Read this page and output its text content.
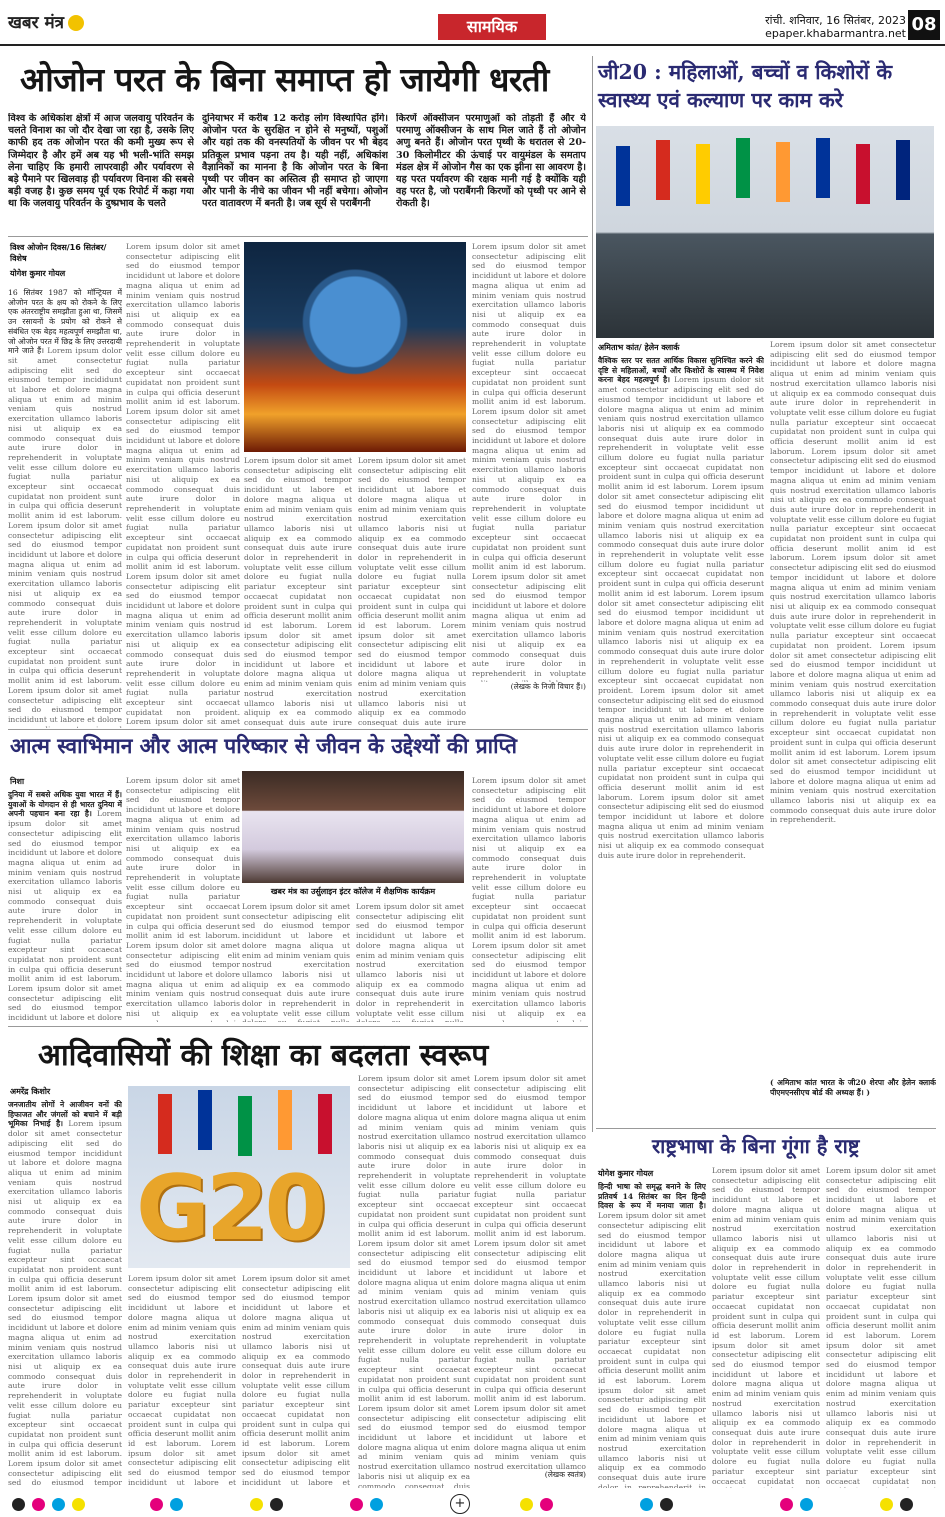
खबर मंत्र	सामयिक	रांची. शनिवार, 16 सितंबर, 2023
epaper.khabarmantra.net 08
ओजोन परत के बिना समाप्त हो जायेगी धरती
विश्व के अधिकांश क्षेत्रों में आज जलवायु परिवर्तन के चलते विनाश का जो दौर देखा जा रहा है, उसके लिए काफी हद तक ओजोन परत की कमी मुख्य रूप से जिम्मेदार है और हमें अब यह भी भली-भांति समझ लेना चाहिए कि हमारी लापरवाही और पर्यावरण से बड़े पैमाने पर खिलवाड़ ही पर्यावरण विनाश की सबसे बड़ी वजह है। कुछ समय पूर्व एक रिपोर्ट में कहा गया था कि जलवायु परिवर्तन के दुष्प्रभाव के चलते
दुनियाभर में करीब 12 करोड़ लोग विस्थापित होंगे। ओजोन परत के सुरक्षित न होने से मनुष्यों, पशुओं और यहां तक की वनस्पतियों के जीवन पर भी बेहद प्रतिकूल प्रभाव पड़ना तय है। यही नहीं, अधिकांश वैज्ञानिकों का मानना है कि ओजोन परत के बिना पृथ्वी पर जीवन का अस्तित्व ही समाप्त हो जाएगा और पानी के नीचे का जीवन भी नहीं बचेगा। ओजोन परत वातावरण में बनती है। जब सूर्य से पराबैंगनी
किरणें ऑक्सीजन परमाणुओं को तोड़ती हैं और ये परमाणु ऑक्सीजन के साथ मिल जाते हैं तो ओजोन अणु बनते हैं। ओजोन परत पृथ्वी के धरातल से 20-30 किलोमीटर की ऊंचाई पर वायुमंडल के समताप मंडल क्षेत्र में ओजोन गैस का एक झीना सा आवरण है। यह परत पर्यावरण की रक्षक मानी गई है क्योंकि यही वह परत है, जो पराबैंगनी किरणों को पृथ्वी पर आने से रोकती है।
विश्व ओजोन दिवस/16 सितंबर/ विशेष
योगेश कुमार गोयल
16 सितंबर 1987 को मॉन्ट्रियल में ओजोन परत के क्षय को रोकने के लिए एक अंतरराष्ट्रीय समझौता हुआ था, जिसमें उन रसायनों के प्रयोग को रोकने से संबंधित एक बेहद महत्वपूर्ण समझौता था, जो ओजोन परत में छिद्र के लिए उत्तरदायी माने जाते हैं। Lorem ipsum dolor sit amet consectetur adipiscing elit sed do eiusmod tempor incididunt ut labore et dolore magna aliqua ut enim ad minim veniam quis nostrud exercitation ullamco laboris nisi ut aliquip ex ea commodo consequat duis aute irure dolor in reprehenderit in voluptate velit esse cillum dolore eu fugiat nulla pariatur excepteur sint occaecat cupidatat non proident sunt in culpa qui officia deserunt mollit anim id est laborum. Lorem ipsum dolor sit amet consectetur adipiscing elit sed do eiusmod tempor incididunt ut labore et dolore magna aliqua ut enim ad minim veniam quis nostrud exercitation ullamco laboris nisi ut aliquip ex ea commodo consequat duis aute irure dolor in reprehenderit in voluptate velit esse cillum dolore eu fugiat nulla pariatur excepteur sint occaecat cupidatat non proident sunt in culpa qui officia deserunt mollit anim id est laborum. Lorem ipsum dolor sit amet consectetur adipiscing elit sed do eiusmod tempor incididunt ut labore et dolore magna aliqua ut enim ad minim veniam quis nostrud exercitation ullamco laboris nisi ut aliquip ex ea commodo consequat duis aute irure dolor in reprehenderit in voluptate velit esse cillum dolore eu fugiat nulla pariatur excepteur sint occaecat cupidatat non proident. Lorem ipsum dolor sit amet consectetur adipiscing elit sed do eiusmod tempor incididunt ut labore et dolore magna aliqua ut enim ad minim veniam quis nostrud exercitation ullamco laboris nisi ut aliquip ex ea commodo consequat duis aute irure dolor in reprehenderit in voluptate velit esse cillum dolore eu fugiat nulla pariatur excepteur sint occaecat cupidatat non proident sunt in culpa qui officia deserunt mollit anim id est laborum. Lorem ipsum dolor sit amet consectetur adipiscing elit sed do eiusmod tempor incididunt ut labore et dolore magna aliqua ut enim ad minim veniam quis nostrud exercitation ullamco laboris nisi ut aliquip ex ea commodo consequat duis aute irure dolor in reprehenderit.
Lorem ipsum dolor sit amet consectetur adipiscing elit sed do eiusmod tempor incididunt ut labore et dolore magna aliqua ut enim ad minim veniam quis nostrud exercitation ullamco laboris nisi ut aliquip ex ea commodo consequat duis aute irure dolor in reprehenderit in voluptate velit esse cillum dolore eu fugiat nulla pariatur excepteur sint occaecat cupidatat non proident sunt in culpa qui officia deserunt mollit anim id est laborum. Lorem ipsum dolor sit amet consectetur adipiscing elit sed do eiusmod tempor incididunt ut labore et dolore magna aliqua ut enim ad minim veniam quis nostrud exercitation ullamco laboris nisi ut aliquip ex ea commodo consequat duis aute irure dolor in reprehenderit in voluptate velit esse cillum dolore eu fugiat nulla pariatur excepteur sint occaecat cupidatat non proident sunt in culpa qui officia deserunt mollit anim id est laborum. Lorem ipsum dolor sit amet consectetur adipiscing elit sed do eiusmod tempor incididunt ut labore et dolore magna aliqua ut enim ad minim veniam quis nostrud exercitation ullamco laboris nisi ut aliquip ex ea commodo consequat duis aute irure dolor in reprehenderit in voluptate velit esse cillum dolore eu fugiat nulla pariatur excepteur sint occaecat cupidatat non proident. Lorem ipsum dolor sit amet consectetur adipiscing elit sed do eiusmod tempor incididunt ut labore et dolore magna aliqua ut enim ad minim veniam quis nostrud exercitation ullamco laboris nisi ut aliquip ex ea commodo consequat duis aute irure dolor in reprehenderit in voluptate velit esse cillum dolore eu fugiat nulla pariatur excepteur sint occaecat cupidatat non proident sunt in culpa qui officia deserunt mollit anim id est laborum. Lorem ipsum dolor sit amet consectetur adipiscing elit sed do eiusmod tempor incididunt ut labore et dolore magna aliqua ut enim ad minim veniam quis nostrud exercitation ullamco laboris nisi ut aliquip ex ea commodo consequat duis aute irure dolor in reprehenderit.
Lorem ipsum dolor sit amet consectetur adipiscing elit sed do eiusmod tempor incididunt ut labore et dolore magna aliqua ut enim ad minim veniam quis nostrud exercitation ullamco laboris nisi ut aliquip ex ea commodo consequat duis aute irure dolor in reprehenderit in voluptate velit esse cillum dolore eu fugiat nulla pariatur excepteur sint occaecat cupidatat non proident sunt in culpa qui officia deserunt mollit anim id est laborum. Lorem ipsum dolor sit amet consectetur adipiscing elit sed do eiusmod tempor incididunt ut labore et dolore magna aliqua ut enim ad minim veniam quis nostrud exercitation ullamco laboris nisi ut aliquip ex ea commodo consequat duis aute irure dolor in reprehenderit in voluptate velit esse cillum dolore eu fugiat nulla pariatur excepteur sint occaecat cupidatat non proident sunt in culpa qui officia deserunt mollit anim id est laborum. Lorem ipsum dolor sit amet consectetur adipiscing elit sed do eiusmod tempor incididunt ut labore et dolore magna aliqua ut enim ad minim veniam quis nostrud exercitation ullamco laboris nisi ut aliquip ex ea commodo consequat duis aute irure dolor in reprehenderit in voluptate velit esse cillum dolore eu fugiat nulla pariatur excepteur sint occaecat cupidatat non proident. Lorem ipsum dolor sit amet consectetur adipiscing elit sed do eiusmod tempor incididunt ut labore et dolore magna aliqua ut enim ad minim veniam quis nostrud exercitation ullamco laboris nisi ut aliquip ex ea commodo consequat duis aute irure dolor in reprehenderit in voluptate velit esse cillum dolore eu fugiat nulla pariatur excepteur sint occaecat cupidatat non proident sunt in culpa qui officia deserunt mollit anim id est laborum. Lorem ipsum dolor sit amet consectetur adipiscing elit sed do eiusmod tempor incididunt ut labore et dolore magna aliqua ut enim ad minim veniam quis nostrud exercitation ullamco laboris nisi ut aliquip ex ea commodo consequat duis aute irure dolor in reprehenderit.
Lorem ipsum dolor sit amet consectetur adipiscing elit sed do eiusmod tempor incididunt ut labore et dolore magna aliqua ut enim ad minim veniam quis nostrud exercitation ullamco laboris nisi ut aliquip ex ea commodo consequat duis aute irure dolor in reprehenderit in voluptate velit esse cillum dolore eu fugiat nulla pariatur excepteur sint occaecat cupidatat non proident sunt in culpa qui officia deserunt mollit anim id est laborum. Lorem ipsum dolor sit amet consectetur adipiscing elit sed do eiusmod tempor incididunt ut labore et dolore magna aliqua ut enim ad minim veniam quis nostrud exercitation ullamco laboris nisi ut aliquip ex ea commodo consequat duis aute irure dolor in reprehenderit in voluptate velit esse cillum dolore eu fugiat nulla pariatur excepteur sint occaecat cupidatat non proident sunt in culpa qui officia deserunt mollit anim id est laborum. Lorem ipsum dolor sit amet consectetur adipiscing elit sed do eiusmod tempor incididunt ut labore et dolore magna aliqua ut enim ad minim veniam quis nostrud exercitation ullamco laboris nisi ut aliquip ex ea commodo consequat duis aute irure dolor in reprehenderit in voluptate velit esse cillum dolore eu fugiat nulla pariatur excepteur sint occaecat cupidatat non proident. Lorem ipsum dolor sit amet consectetur adipiscing elit sed do eiusmod tempor incididunt ut labore et dolore magna aliqua ut enim ad minim veniam quis nostrud exercitation ullamco laboris nisi ut aliquip ex ea commodo consequat duis aute irure dolor in reprehenderit in voluptate velit esse cillum dolore eu fugiat nulla pariatur excepteur sint occaecat cupidatat non proident sunt in culpa qui officia deserunt mollit anim id est laborum. Lorem ipsum dolor sit amet consectetur adipiscing elit sed do eiusmod tempor incididunt ut labore et dolore magna aliqua ut enim ad minim veniam quis nostrud exercitation ullamco laboris nisi ut aliquip ex ea commodo consequat duis aute irure dolor in reprehenderit.
Lorem ipsum dolor sit amet consectetur adipiscing elit sed do eiusmod tempor incididunt ut labore et dolore magna aliqua ut enim ad minim veniam quis nostrud exercitation ullamco laboris nisi ut aliquip ex ea commodo consequat duis aute irure dolor in reprehenderit in voluptate velit esse cillum dolore eu fugiat nulla pariatur excepteur sint occaecat cupidatat non proident sunt in culpa qui officia deserunt mollit anim id est laborum. Lorem ipsum dolor sit amet consectetur adipiscing elit sed do eiusmod tempor incididunt ut labore et dolore magna aliqua ut enim ad minim veniam quis nostrud exercitation ullamco laboris nisi ut aliquip ex ea commodo consequat duis aute irure dolor in reprehenderit in voluptate velit esse cillum dolore eu fugiat nulla pariatur excepteur sint occaecat cupidatat non proident sunt in culpa qui officia deserunt mollit anim id est laborum. Lorem ipsum dolor sit amet consectetur adipiscing elit sed do eiusmod tempor incididunt ut labore et dolore magna aliqua ut enim ad minim veniam quis nostrud exercitation ullamco laboris nisi ut aliquip ex ea commodo consequat duis aute irure dolor in reprehenderit in voluptate velit esse cillum dolore eu fugiat nulla pariatur excepteur sint occaecat cupidatat non proident. Lorem ipsum dolor sit amet consectetur adipiscing elit sed do eiusmod tempor incididunt ut labore et dolore magna aliqua ut enim ad minim veniam quis nostrud exercitation ullamco laboris nisi ut aliquip ex ea commodo consequat duis aute irure dolor in reprehenderit in voluptate velit esse cillum dolore eu fugiat nulla pariatur excepteur sint occaecat cupidatat non proident sunt in culpa qui officia deserunt mollit anim id est laborum. Lorem ipsum dolor sit amet consectetur adipiscing elit sed do eiusmod tempor incididunt ut labore et dolore magna aliqua ut enim ad minim veniam quis nostrud exercitation ullamco laboris nisi ut aliquip ex ea commodo consequat duis aute irure dolor in reprehenderit.
(लेखक के निजी विचार हैं।)
जी20 : महिलाओं, बच्चों व किशोरों के स्वास्थ्य एवं कल्याण पर काम करे
अमिताभ कांत/ हेलेन क्लार्क
वैश्विक स्तर पर सतत आर्थिक विकास सुनिश्चित करने की दृष्टि से महिलाओं, बच्चों और किशोरों के स्वास्थ्य में निवेश करना बेहद महत्वपूर्ण है। Lorem ipsum dolor sit amet consectetur adipiscing elit sed do eiusmod tempor incididunt ut labore et dolore magna aliqua ut enim ad minim veniam quis nostrud exercitation ullamco laboris nisi ut aliquip ex ea commodo consequat duis aute irure dolor in reprehenderit in voluptate velit esse cillum dolore eu fugiat nulla pariatur excepteur sint occaecat cupidatat non proident sunt in culpa qui officia deserunt mollit anim id est laborum. Lorem ipsum dolor sit amet consectetur adipiscing elit sed do eiusmod tempor incididunt ut labore et dolore magna aliqua ut enim ad minim veniam quis nostrud exercitation ullamco laboris nisi ut aliquip ex ea commodo consequat duis aute irure dolor in reprehenderit in voluptate velit esse cillum dolore eu fugiat nulla pariatur excepteur sint occaecat cupidatat non proident sunt in culpa qui officia deserunt mollit anim id est laborum. Lorem ipsum dolor sit amet consectetur adipiscing elit sed do eiusmod tempor incididunt ut labore et dolore magna aliqua ut enim ad minim veniam quis nostrud exercitation ullamco laboris nisi ut aliquip ex ea commodo consequat duis aute irure dolor in reprehenderit in voluptate velit esse cillum dolore eu fugiat nulla pariatur excepteur sint occaecat cupidatat non proident. Lorem ipsum dolor sit amet consectetur adipiscing elit sed do eiusmod tempor incididunt ut labore et dolore magna aliqua ut enim ad minim veniam quis nostrud exercitation ullamco laboris nisi ut aliquip ex ea commodo consequat duis aute irure dolor in reprehenderit in voluptate velit esse cillum dolore eu fugiat nulla pariatur excepteur sint occaecat cupidatat non proident sunt in culpa qui officia deserunt mollit anim id est laborum. Lorem ipsum dolor sit amet consectetur adipiscing elit sed do eiusmod tempor incididunt ut labore et dolore magna aliqua ut enim ad minim veniam quis nostrud exercitation ullamco laboris nisi ut aliquip ex ea commodo consequat duis aute irure dolor in reprehenderit.
Lorem ipsum dolor sit amet consectetur adipiscing elit sed do eiusmod tempor incididunt ut labore et dolore magna aliqua ut enim ad minim veniam quis nostrud exercitation ullamco laboris nisi ut aliquip ex ea commodo consequat duis aute irure dolor in reprehenderit in voluptate velit esse cillum dolore eu fugiat nulla pariatur excepteur sint occaecat cupidatat non proident sunt in culpa qui officia deserunt mollit anim id est laborum. Lorem ipsum dolor sit amet consectetur adipiscing elit sed do eiusmod tempor incididunt ut labore et dolore magna aliqua ut enim ad minim veniam quis nostrud exercitation ullamco laboris nisi ut aliquip ex ea commodo consequat duis aute irure dolor in reprehenderit in voluptate velit esse cillum dolore eu fugiat nulla pariatur excepteur sint occaecat cupidatat non proident sunt in culpa qui officia deserunt mollit anim id est laborum. Lorem ipsum dolor sit amet consectetur adipiscing elit sed do eiusmod tempor incididunt ut labore et dolore magna aliqua ut enim ad minim veniam quis nostrud exercitation ullamco laboris nisi ut aliquip ex ea commodo consequat duis aute irure dolor in reprehenderit in voluptate velit esse cillum dolore eu fugiat nulla pariatur excepteur sint occaecat cupidatat non proident. Lorem ipsum dolor sit amet consectetur adipiscing elit sed do eiusmod tempor incididunt ut labore et dolore magna aliqua ut enim ad minim veniam quis nostrud exercitation ullamco laboris nisi ut aliquip ex ea commodo consequat duis aute irure dolor in reprehenderit in voluptate velit esse cillum dolore eu fugiat nulla pariatur excepteur sint occaecat cupidatat non proident sunt in culpa qui officia deserunt mollit anim id est laborum. Lorem ipsum dolor sit amet consectetur adipiscing elit sed do eiusmod tempor incididunt ut labore et dolore magna aliqua ut enim ad minim veniam quis nostrud exercitation ullamco laboris nisi ut aliquip ex ea commodo consequat duis aute irure dolor in reprehenderit.
( अमिताभ कांत भारत के जी20 शेरपा और हेलेन क्लार्क पीएमएनसीएच बोर्ड की अध्यक्ष हैं। )
आत्म स्वाभिमान और आत्म परिष्कार से जीवन के उद्देश्यों की प्राप्ति
निशा
दुनिया में सबसे अधिक युवा भारत में हैं। युवाओं के योगदान से ही भारत दुनिया में अपनी पहचान बना रहा है। Lorem ipsum dolor sit amet consectetur adipiscing elit sed do eiusmod tempor incididunt ut labore et dolore magna aliqua ut enim ad minim veniam quis nostrud exercitation ullamco laboris nisi ut aliquip ex ea commodo consequat duis aute irure dolor in reprehenderit in voluptate velit esse cillum dolore eu fugiat nulla pariatur excepteur sint occaecat cupidatat non proident sunt in culpa qui officia deserunt mollit anim id est laborum. Lorem ipsum dolor sit amet consectetur adipiscing elit sed do eiusmod tempor incididunt ut labore et dolore magna aliqua ut enim ad minim veniam quis nostrud exercitation ullamco laboris nisi ut aliquip ex ea commodo consequat duis aute irure dolor in reprehenderit in voluptate velit esse cillum dolore eu fugiat nulla pariatur excepteur sint occaecat cupidatat non proident sunt in culpa qui officia deserunt mollit anim id est laborum. Lorem ipsum dolor sit amet consectetur adipiscing elit sed do eiusmod tempor incididunt ut labore et dolore magna aliqua ut enim ad minim veniam quis nostrud exercitation ullamco laboris nisi ut aliquip ex ea commodo consequat duis aute irure dolor in reprehenderit in voluptate velit esse cillum dolore eu fugiat nulla pariatur excepteur sint occaecat cupidatat non proident. Lorem ipsum dolor sit amet consectetur adipiscing elit sed do eiusmod tempor incididunt ut labore et dolore magna aliqua ut enim ad minim veniam quis nostrud exercitation ullamco laboris nisi ut aliquip ex ea commodo consequat duis aute irure dolor in reprehenderit in voluptate velit esse cillum dolore eu fugiat nulla pariatur excepteur sint occaecat cupidatat non proident sunt in culpa qui officia deserunt mollit anim id est laborum. Lorem ipsum dolor sit amet consectetur adipiscing elit sed do eiusmod tempor incididunt ut labore et dolore magna aliqua ut enim ad minim veniam quis nostrud exercitation ullamco laboris nisi ut aliquip ex ea commodo consequat duis aute irure dolor in reprehenderit.
Lorem ipsum dolor sit amet consectetur adipiscing elit sed do eiusmod tempor incididunt ut labore et dolore magna aliqua ut enim ad minim veniam quis nostrud exercitation ullamco laboris nisi ut aliquip ex ea commodo consequat duis aute irure dolor in reprehenderit in voluptate velit esse cillum dolore eu fugiat nulla pariatur excepteur sint occaecat cupidatat non proident sunt in culpa qui officia deserunt mollit anim id est laborum. Lorem ipsum dolor sit amet consectetur adipiscing elit sed do eiusmod tempor incididunt ut labore et dolore magna aliqua ut enim ad minim veniam quis nostrud exercitation ullamco laboris nisi ut aliquip ex ea commodo consequat duis aute irure dolor in reprehenderit in voluptate velit esse cillum dolore eu fugiat nulla pariatur excepteur sint occaecat cupidatat non proident sunt in culpa qui officia deserunt mollit anim id est laborum. Lorem ipsum dolor sit amet consectetur adipiscing elit sed do eiusmod tempor incididunt ut labore et dolore magna aliqua ut enim ad minim veniam quis nostrud exercitation ullamco laboris nisi ut aliquip ex ea commodo consequat duis aute irure dolor in reprehenderit in voluptate velit esse cillum dolore eu fugiat nulla pariatur excepteur sint occaecat cupidatat non proident. Lorem ipsum dolor sit amet consectetur adipiscing elit sed do eiusmod tempor incididunt ut labore et dolore magna aliqua ut enim ad minim veniam quis nostrud exercitation ullamco laboris nisi ut aliquip ex ea commodo consequat duis aute irure dolor in reprehenderit in voluptate velit esse cillum dolore eu fugiat nulla pariatur excepteur sint occaecat cupidatat non proident sunt in culpa qui officia deserunt mollit anim id est laborum. Lorem ipsum dolor sit amet consectetur adipiscing elit sed do eiusmod tempor incididunt ut labore et dolore magna aliqua ut enim ad minim veniam quis nostrud exercitation ullamco laboris nisi ut aliquip ex ea commodo consequat duis aute irure dolor in reprehenderit.
खबर मंत्र का उर्सुलाइन इंटर कॉलेज में शैक्षणिक कार्यक्रम
Lorem ipsum dolor sit amet consectetur adipiscing elit sed do eiusmod tempor incididunt ut labore et dolore magna aliqua ut enim ad minim veniam quis nostrud exercitation ullamco laboris nisi ut aliquip ex ea commodo consequat duis aute irure dolor in reprehenderit in voluptate velit esse cillum dolore eu fugiat nulla pariatur excepteur sint occaecat cupidatat non proident sunt in culpa qui officia deserunt mollit anim id est laborum. Lorem ipsum dolor sit amet consectetur adipiscing elit sed do eiusmod tempor incididunt ut labore et dolore magna aliqua ut enim ad minim veniam quis nostrud exercitation ullamco laboris nisi ut aliquip ex ea commodo consequat duis aute irure dolor in reprehenderit in voluptate velit esse cillum dolore eu fugiat nulla pariatur excepteur sint occaecat cupidatat non proident sunt in culpa qui officia deserunt mollit anim id est laborum. Lorem ipsum dolor sit amet consectetur adipiscing elit sed do eiusmod tempor incididunt ut labore et dolore magna aliqua ut enim ad minim veniam quis nostrud exercitation ullamco laboris nisi ut aliquip ex ea commodo consequat duis aute irure dolor in reprehenderit in voluptate velit esse cillum dolore eu fugiat nulla pariatur excepteur sint occaecat cupidatat non proident. Lorem ipsum dolor sit amet consectetur adipiscing elit sed do eiusmod tempor incididunt ut labore et dolore magna aliqua ut enim ad minim veniam quis nostrud exercitation ullamco laboris nisi ut aliquip ex ea commodo consequat duis aute irure dolor in reprehenderit in voluptate velit esse cillum dolore eu fugiat nulla pariatur excepteur sint occaecat cupidatat non proident sunt in culpa qui officia deserunt mollit anim id est laborum. Lorem ipsum dolor sit amet consectetur adipiscing elit sed do eiusmod tempor incididunt ut labore et dolore magna aliqua ut enim ad minim veniam quis nostrud exercitation ullamco laboris nisi ut aliquip ex ea commodo consequat duis aute irure dolor in reprehenderit.
Lorem ipsum dolor sit amet consectetur adipiscing elit sed do eiusmod tempor incididunt ut labore et dolore magna aliqua ut enim ad minim veniam quis nostrud exercitation ullamco laboris nisi ut aliquip ex ea commodo consequat duis aute irure dolor in reprehenderit in voluptate velit esse cillum dolore eu fugiat nulla pariatur excepteur sint occaecat cupidatat non proident sunt in culpa qui officia deserunt mollit anim id est laborum. Lorem ipsum dolor sit amet consectetur adipiscing elit sed do eiusmod tempor incididunt ut labore et dolore magna aliqua ut enim ad minim veniam quis nostrud exercitation ullamco laboris nisi ut aliquip ex ea commodo consequat duis aute irure dolor in reprehenderit in voluptate velit esse cillum dolore eu fugiat nulla pariatur excepteur sint occaecat cupidatat non proident sunt in culpa qui officia deserunt mollit anim id est laborum. Lorem ipsum dolor sit amet consectetur adipiscing elit sed do eiusmod tempor incididunt ut labore et dolore magna aliqua ut enim ad minim veniam quis nostrud exercitation ullamco laboris nisi ut aliquip ex ea commodo consequat duis aute irure dolor in reprehenderit in voluptate velit esse cillum dolore eu fugiat nulla pariatur excepteur sint occaecat cupidatat non proident. Lorem ipsum dolor sit amet consectetur adipiscing elit sed do eiusmod tempor incididunt ut labore et dolore magna aliqua ut enim ad minim veniam quis nostrud exercitation ullamco laboris nisi ut aliquip ex ea commodo consequat duis aute irure dolor in reprehenderit in voluptate velit esse cillum dolore eu fugiat nulla pariatur excepteur sint occaecat cupidatat non proident sunt in culpa qui officia deserunt mollit anim id est laborum. Lorem ipsum dolor sit amet consectetur adipiscing elit sed do eiusmod tempor incididunt ut labore et dolore magna aliqua ut enim ad minim veniam quis nostrud exercitation ullamco laboris nisi ut aliquip ex ea commodo consequat duis aute irure dolor in reprehenderit.
Lorem ipsum dolor sit amet consectetur adipiscing elit sed do eiusmod tempor incididunt ut labore et dolore magna aliqua ut enim ad minim veniam quis nostrud exercitation ullamco laboris nisi ut aliquip ex ea commodo consequat duis aute irure dolor in reprehenderit in voluptate velit esse cillum dolore eu fugiat nulla pariatur excepteur sint occaecat cupidatat non proident sunt in culpa qui officia deserunt mollit anim id est laborum. Lorem ipsum dolor sit amet consectetur adipiscing elit sed do eiusmod tempor incididunt ut labore et dolore magna aliqua ut enim ad minim veniam quis nostrud exercitation ullamco laboris nisi ut aliquip ex ea commodo consequat duis aute irure dolor in reprehenderit in voluptate velit esse cillum dolore eu fugiat nulla pariatur excepteur sint occaecat cupidatat non proident sunt in culpa qui officia deserunt mollit anim id est laborum. Lorem ipsum dolor sit amet consectetur adipiscing elit sed do eiusmod tempor incididunt ut labore et dolore magna aliqua ut enim ad minim veniam quis nostrud exercitation ullamco laboris nisi ut aliquip ex ea commodo consequat duis aute irure dolor in reprehenderit in voluptate velit esse cillum dolore eu fugiat nulla pariatur excepteur sint occaecat cupidatat non proident. Lorem ipsum dolor sit amet consectetur adipiscing elit sed do eiusmod tempor incididunt ut labore et dolore magna aliqua ut enim ad minim veniam quis nostrud exercitation ullamco laboris nisi ut aliquip ex ea commodo consequat duis aute irure dolor in reprehenderit in voluptate velit esse cillum dolore eu fugiat nulla pariatur excepteur sint occaecat cupidatat non proident sunt in culpa qui officia deserunt mollit anim id est laborum. Lorem ipsum dolor sit amet consectetur adipiscing elit sed do eiusmod tempor incididunt ut labore et dolore magna aliqua ut enim ad minim veniam quis nostrud exercitation ullamco laboris nisi ut aliquip ex ea commodo consequat duis aute irure dolor in reprehenderit.
आदिवासियों की शिक्षा का बदलता स्वरूप
अमरेंद्र किशोर
जनजातीय लोगों ने आजीवन वनों की हिफाजत और जंगलों को बचाने में बड़ी भूमिका निभाई है। Lorem ipsum dolor sit amet consectetur adipiscing elit sed do eiusmod tempor incididunt ut labore et dolore magna aliqua ut enim ad minim veniam quis nostrud exercitation ullamco laboris nisi ut aliquip ex ea commodo consequat duis aute irure dolor in reprehenderit in voluptate velit esse cillum dolore eu fugiat nulla pariatur excepteur sint occaecat cupidatat non proident sunt in culpa qui officia deserunt mollit anim id est laborum. Lorem ipsum dolor sit amet consectetur adipiscing elit sed do eiusmod tempor incididunt ut labore et dolore magna aliqua ut enim ad minim veniam quis nostrud exercitation ullamco laboris nisi ut aliquip ex ea commodo consequat duis aute irure dolor in reprehenderit in voluptate velit esse cillum dolore eu fugiat nulla pariatur excepteur sint occaecat cupidatat non proident sunt in culpa qui officia deserunt mollit anim id est laborum. Lorem ipsum dolor sit amet consectetur adipiscing elit sed do eiusmod tempor incididunt ut labore et dolore magna aliqua ut enim ad minim veniam quis nostrud exercitation ullamco laboris nisi ut aliquip ex ea commodo consequat duis aute irure dolor in reprehenderit in voluptate velit esse cillum dolore eu fugiat nulla pariatur excepteur sint occaecat cupidatat non proident. Lorem ipsum dolor sit amet consectetur adipiscing elit sed do eiusmod tempor incididunt ut labore et dolore magna aliqua ut enim ad minim veniam quis nostrud exercitation ullamco laboris nisi ut aliquip ex ea commodo consequat duis aute irure dolor in reprehenderit in voluptate velit esse cillum dolore eu fugiat nulla pariatur excepteur sint occaecat cupidatat non proident sunt in culpa qui officia deserunt mollit anim id est laborum. Lorem ipsum dolor sit amet consectetur adipiscing elit sed do eiusmod tempor incididunt ut labore et dolore magna aliqua ut enim ad minim veniam quis nostrud exercitation ullamco laboris nisi ut aliquip ex ea commodo consequat duis aute irure dolor in reprehenderit.
G20
Lorem ipsum dolor sit amet consectetur adipiscing elit sed do eiusmod tempor incididunt ut labore et dolore magna aliqua ut enim ad minim veniam quis nostrud exercitation ullamco laboris nisi ut aliquip ex ea commodo consequat duis aute irure dolor in reprehenderit in voluptate velit esse cillum dolore eu fugiat nulla pariatur excepteur sint occaecat cupidatat non proident sunt in culpa qui officia deserunt mollit anim id est laborum. Lorem ipsum dolor sit amet consectetur adipiscing elit sed do eiusmod tempor incididunt ut labore et dolore magna aliqua ut enim ad minim veniam quis nostrud exercitation ullamco laboris nisi ut aliquip ex ea commodo consequat duis aute irure dolor in reprehenderit in voluptate velit esse cillum dolore eu fugiat nulla pariatur excepteur sint occaecat cupidatat non proident sunt in culpa qui officia deserunt mollit anim id est laborum. Lorem ipsum dolor sit amet consectetur adipiscing elit sed do eiusmod tempor incididunt ut labore et dolore magna aliqua ut enim ad minim veniam quis nostrud exercitation ullamco laboris nisi ut aliquip ex ea commodo consequat duis aute irure dolor in reprehenderit in voluptate velit esse cillum dolore eu fugiat nulla pariatur excepteur sint occaecat cupidatat non proident. Lorem ipsum dolor sit amet consectetur adipiscing elit sed do eiusmod tempor incididunt ut labore et dolore magna aliqua ut enim ad minim veniam quis nostrud exercitation ullamco laboris nisi ut aliquip ex ea commodo consequat duis aute irure dolor in reprehenderit in voluptate velit esse cillum dolore eu fugiat nulla pariatur excepteur sint occaecat cupidatat non proident sunt in culpa qui officia deserunt mollit anim id est laborum. Lorem ipsum dolor sit amet consectetur adipiscing elit sed do eiusmod tempor incididunt ut labore et dolore magna aliqua ut enim ad minim veniam quis nostrud exercitation ullamco laboris nisi ut aliquip ex ea commodo consequat duis aute irure dolor in reprehenderit.
Lorem ipsum dolor sit amet consectetur adipiscing elit sed do eiusmod tempor incididunt ut labore et dolore magna aliqua ut enim ad minim veniam quis nostrud exercitation ullamco laboris nisi ut aliquip ex ea commodo consequat duis aute irure dolor in reprehenderit in voluptate velit esse cillum dolore eu fugiat nulla pariatur excepteur sint occaecat cupidatat non proident sunt in culpa qui officia deserunt mollit anim id est laborum. Lorem ipsum dolor sit amet consectetur adipiscing elit sed do eiusmod tempor incididunt ut labore et dolore magna aliqua ut enim ad minim veniam quis nostrud exercitation ullamco laboris nisi ut aliquip ex ea commodo consequat duis aute irure dolor in reprehenderit in voluptate velit esse cillum dolore eu fugiat nulla pariatur excepteur sint occaecat cupidatat non proident sunt in culpa qui officia deserunt mollit anim id est laborum. Lorem ipsum dolor sit amet consectetur adipiscing elit sed do eiusmod tempor incididunt ut labore et dolore magna aliqua ut enim ad minim veniam quis nostrud exercitation ullamco laboris nisi ut aliquip ex ea commodo consequat duis aute irure dolor in reprehenderit in voluptate velit esse cillum dolore eu fugiat nulla pariatur excepteur sint occaecat cupidatat non proident. Lorem ipsum dolor sit amet consectetur adipiscing elit sed do eiusmod tempor incididunt ut labore et dolore magna aliqua ut enim ad minim veniam quis nostrud exercitation ullamco laboris nisi ut aliquip ex ea commodo consequat duis aute irure dolor in reprehenderit in voluptate velit esse cillum dolore eu fugiat nulla pariatur excepteur sint occaecat cupidatat non proident sunt in culpa qui officia deserunt mollit anim id est laborum. Lorem ipsum dolor sit amet consectetur adipiscing elit sed do eiusmod tempor incididunt ut labore et dolore magna aliqua ut enim ad minim veniam quis nostrud exercitation ullamco laboris nisi ut aliquip ex ea commodo consequat duis aute irure dolor in reprehenderit.
Lorem ipsum dolor sit amet consectetur adipiscing elit sed do eiusmod tempor incididunt ut labore et dolore magna aliqua ut enim ad minim veniam quis nostrud exercitation ullamco laboris nisi ut aliquip ex ea commodo consequat duis aute irure dolor in reprehenderit in voluptate velit esse cillum dolore eu fugiat nulla pariatur excepteur sint occaecat cupidatat non proident sunt in culpa qui officia deserunt mollit anim id est laborum. Lorem ipsum dolor sit amet consectetur adipiscing elit sed do eiusmod tempor incididunt ut labore et dolore magna aliqua ut enim ad minim veniam quis nostrud exercitation ullamco laboris nisi ut aliquip ex ea commodo consequat duis aute irure dolor in reprehenderit in voluptate velit esse cillum dolore eu fugiat nulla pariatur excepteur sint occaecat cupidatat non proident sunt in culpa qui officia deserunt mollit anim id est laborum. Lorem ipsum dolor sit amet consectetur adipiscing elit sed do eiusmod tempor incididunt ut labore et dolore magna aliqua ut enim ad minim veniam quis nostrud exercitation ullamco laboris nisi ut aliquip ex ea commodo consequat duis aute irure dolor in reprehenderit in voluptate velit esse cillum dolore eu fugiat nulla pariatur excepteur sint occaecat cupidatat non proident. Lorem ipsum dolor sit amet consectetur adipiscing elit sed do eiusmod tempor incididunt ut labore et dolore magna aliqua ut enim ad minim veniam quis nostrud exercitation ullamco laboris nisi ut aliquip ex ea commodo consequat duis aute irure dolor in reprehenderit in voluptate velit esse cillum dolore eu fugiat nulla pariatur excepteur sint occaecat cupidatat non proident sunt in culpa qui officia deserunt mollit anim id est laborum. Lorem ipsum dolor sit amet consectetur adipiscing elit sed do eiusmod tempor incididunt ut labore et dolore magna aliqua ut enim ad minim veniam quis nostrud exercitation ullamco laboris nisi ut aliquip ex ea commodo consequat duis aute irure dolor in reprehenderit.
Lorem ipsum dolor sit amet consectetur adipiscing elit sed do eiusmod tempor incididunt ut labore et dolore magna aliqua ut enim ad minim veniam quis nostrud exercitation ullamco laboris nisi ut aliquip ex ea commodo consequat duis aute irure dolor in reprehenderit in voluptate velit esse cillum dolore eu fugiat nulla pariatur excepteur sint occaecat cupidatat non proident sunt in culpa qui officia deserunt mollit anim id est laborum. Lorem ipsum dolor sit amet consectetur adipiscing elit sed do eiusmod tempor incididunt ut labore et dolore magna aliqua ut enim ad minim veniam quis nostrud exercitation ullamco laboris nisi ut aliquip ex ea commodo consequat duis aute irure dolor in reprehenderit in voluptate velit esse cillum dolore eu fugiat nulla pariatur excepteur sint occaecat cupidatat non proident sunt in culpa qui officia deserunt mollit anim id est laborum. Lorem ipsum dolor sit amet consectetur adipiscing elit sed do eiusmod tempor incididunt ut labore et dolore magna aliqua ut enim ad minim veniam quis nostrud exercitation ullamco laboris nisi ut aliquip ex ea commodo consequat duis aute irure dolor in reprehenderit in voluptate velit esse cillum dolore eu fugiat nulla pariatur excepteur sint occaecat cupidatat non proident. Lorem ipsum dolor sit amet consectetur adipiscing elit sed do eiusmod tempor incididunt ut labore et dolore magna aliqua ut enim ad minim veniam quis nostrud exercitation ullamco laboris nisi ut aliquip ex ea commodo consequat duis aute irure dolor in reprehenderit in voluptate velit esse cillum dolore eu fugiat nulla pariatur excepteur sint occaecat cupidatat non proident sunt in culpa qui officia deserunt mollit anim id est laborum. Lorem ipsum dolor sit amet consectetur adipiscing elit sed do eiusmod tempor incididunt ut labore et dolore magna aliqua ut enim ad minim veniam quis nostrud exercitation ullamco laboris nisi ut aliquip ex ea commodo consequat duis aute irure dolor in reprehenderit.
(लेखक स्वतंत्र)
राष्ट्रभाषा के बिना गूंगा है राष्ट्र
योगेश कुमार गोयल
हिन्दी भाषा को समृद्ध बनाने के लिए प्रतिवर्ष 14 सितंबर का दिन हिन्दी दिवस के रूप में मनाया जाता है। Lorem ipsum dolor sit amet consectetur adipiscing elit sed do eiusmod tempor incididunt ut labore et dolore magna aliqua ut enim ad minim veniam quis nostrud exercitation ullamco laboris nisi ut aliquip ex ea commodo consequat duis aute irure dolor in reprehenderit in voluptate velit esse cillum dolore eu fugiat nulla pariatur excepteur sint occaecat cupidatat non proident sunt in culpa qui officia deserunt mollit anim id est laborum. Lorem ipsum dolor sit amet consectetur adipiscing elit sed do eiusmod tempor incididunt ut labore et dolore magna aliqua ut enim ad minim veniam quis nostrud exercitation ullamco laboris nisi ut aliquip ex ea commodo consequat duis aute irure dolor in reprehenderit in voluptate velit esse cillum dolore eu fugiat nulla pariatur excepteur sint occaecat cupidatat non proident sunt in culpa qui officia deserunt mollit anim id est laborum. Lorem ipsum dolor sit amet consectetur adipiscing elit sed do eiusmod tempor incididunt ut labore et dolore magna aliqua ut enim ad minim veniam quis nostrud exercitation ullamco laboris nisi ut aliquip ex ea commodo consequat duis aute irure dolor in reprehenderit in voluptate velit esse cillum dolore eu fugiat nulla pariatur excepteur sint occaecat cupidatat non proident. Lorem ipsum dolor sit amet consectetur adipiscing elit sed do eiusmod tempor incididunt ut labore et dolore magna aliqua ut enim ad minim veniam quis nostrud exercitation ullamco laboris nisi ut aliquip ex ea commodo consequat duis aute irure dolor in reprehenderit in voluptate velit esse cillum dolore eu fugiat nulla pariatur excepteur sint occaecat cupidatat non proident sunt in culpa qui officia deserunt mollit anim id est laborum. Lorem ipsum dolor sit amet consectetur adipiscing elit sed do eiusmod tempor incididunt ut labore et dolore magna aliqua ut enim ad minim veniam quis nostrud exercitation ullamco laboris nisi ut aliquip ex ea commodo consequat duis aute irure dolor in reprehenderit.
Lorem ipsum dolor sit amet consectetur adipiscing elit sed do eiusmod tempor incididunt ut labore et dolore magna aliqua ut enim ad minim veniam quis nostrud exercitation ullamco laboris nisi ut aliquip ex ea commodo consequat duis aute irure dolor in reprehenderit in voluptate velit esse cillum dolore eu fugiat nulla pariatur excepteur sint occaecat cupidatat non proident sunt in culpa qui officia deserunt mollit anim id est laborum. Lorem ipsum dolor sit amet consectetur adipiscing elit sed do eiusmod tempor incididunt ut labore et dolore magna aliqua ut enim ad minim veniam quis nostrud exercitation ullamco laboris nisi ut aliquip ex ea commodo consequat duis aute irure dolor in reprehenderit in voluptate velit esse cillum dolore eu fugiat nulla pariatur excepteur sint occaecat cupidatat non proident sunt in culpa qui officia deserunt mollit anim id est laborum. Lorem ipsum dolor sit amet consectetur adipiscing elit sed do eiusmod tempor incididunt ut labore et dolore magna aliqua ut enim ad minim veniam quis nostrud exercitation ullamco laboris nisi ut aliquip ex ea commodo consequat duis aute irure dolor in reprehenderit in voluptate velit esse cillum dolore eu fugiat nulla pariatur excepteur sint occaecat cupidatat non proident. Lorem ipsum dolor sit amet consectetur adipiscing elit sed do eiusmod tempor incididunt ut labore et dolore magna aliqua ut enim ad minim veniam quis nostrud exercitation ullamco laboris nisi ut aliquip ex ea commodo consequat duis aute irure dolor in reprehenderit in voluptate velit esse cillum dolore eu fugiat nulla pariatur excepteur sint occaecat cupidatat non proident sunt in culpa qui officia deserunt mollit anim id est laborum. Lorem ipsum dolor sit amet consectetur adipiscing elit sed do eiusmod tempor incididunt ut labore et dolore magna aliqua ut enim ad minim veniam quis nostrud exercitation ullamco laboris nisi ut aliquip ex ea commodo consequat duis aute irure dolor in reprehenderit.
Lorem ipsum dolor sit amet consectetur adipiscing elit sed do eiusmod tempor incididunt ut labore et dolore magna aliqua ut enim ad minim veniam quis nostrud exercitation ullamco laboris nisi ut aliquip ex ea commodo consequat duis aute irure dolor in reprehenderit in voluptate velit esse cillum dolore eu fugiat nulla pariatur excepteur sint occaecat cupidatat non proident sunt in culpa qui officia deserunt mollit anim id est laborum. Lorem ipsum dolor sit amet consectetur adipiscing elit sed do eiusmod tempor incididunt ut labore et dolore magna aliqua ut enim ad minim veniam quis nostrud exercitation ullamco laboris nisi ut aliquip ex ea commodo consequat duis aute irure dolor in reprehenderit in voluptate velit esse cillum dolore eu fugiat nulla pariatur excepteur sint occaecat cupidatat non proident sunt in culpa qui officia deserunt mollit anim id est laborum. Lorem ipsum dolor sit amet consectetur adipiscing elit sed do eiusmod tempor incididunt ut labore et dolore magna aliqua ut enim ad minim veniam quis nostrud exercitation ullamco laboris nisi ut aliquip ex ea commodo consequat duis aute irure dolor in reprehenderit in voluptate velit esse cillum dolore eu fugiat nulla pariatur excepteur sint occaecat cupidatat non proident. Lorem ipsum dolor sit amet consectetur adipiscing elit sed do eiusmod tempor incididunt ut labore et dolore magna aliqua ut enim ad minim veniam quis nostrud exercitation ullamco laboris nisi ut aliquip ex ea commodo consequat duis aute irure dolor in reprehenderit in voluptate velit esse cillum dolore eu fugiat nulla pariatur excepteur sint occaecat cupidatat non proident sunt in culpa qui officia deserunt mollit anim id est laborum. Lorem ipsum dolor sit amet consectetur adipiscing elit sed do eiusmod tempor incididunt ut labore et dolore magna aliqua ut enim ad minim veniam quis nostrud exercitation ullamco laboris nisi ut aliquip ex ea commodo consequat duis aute irure dolor in reprehenderit.
+
